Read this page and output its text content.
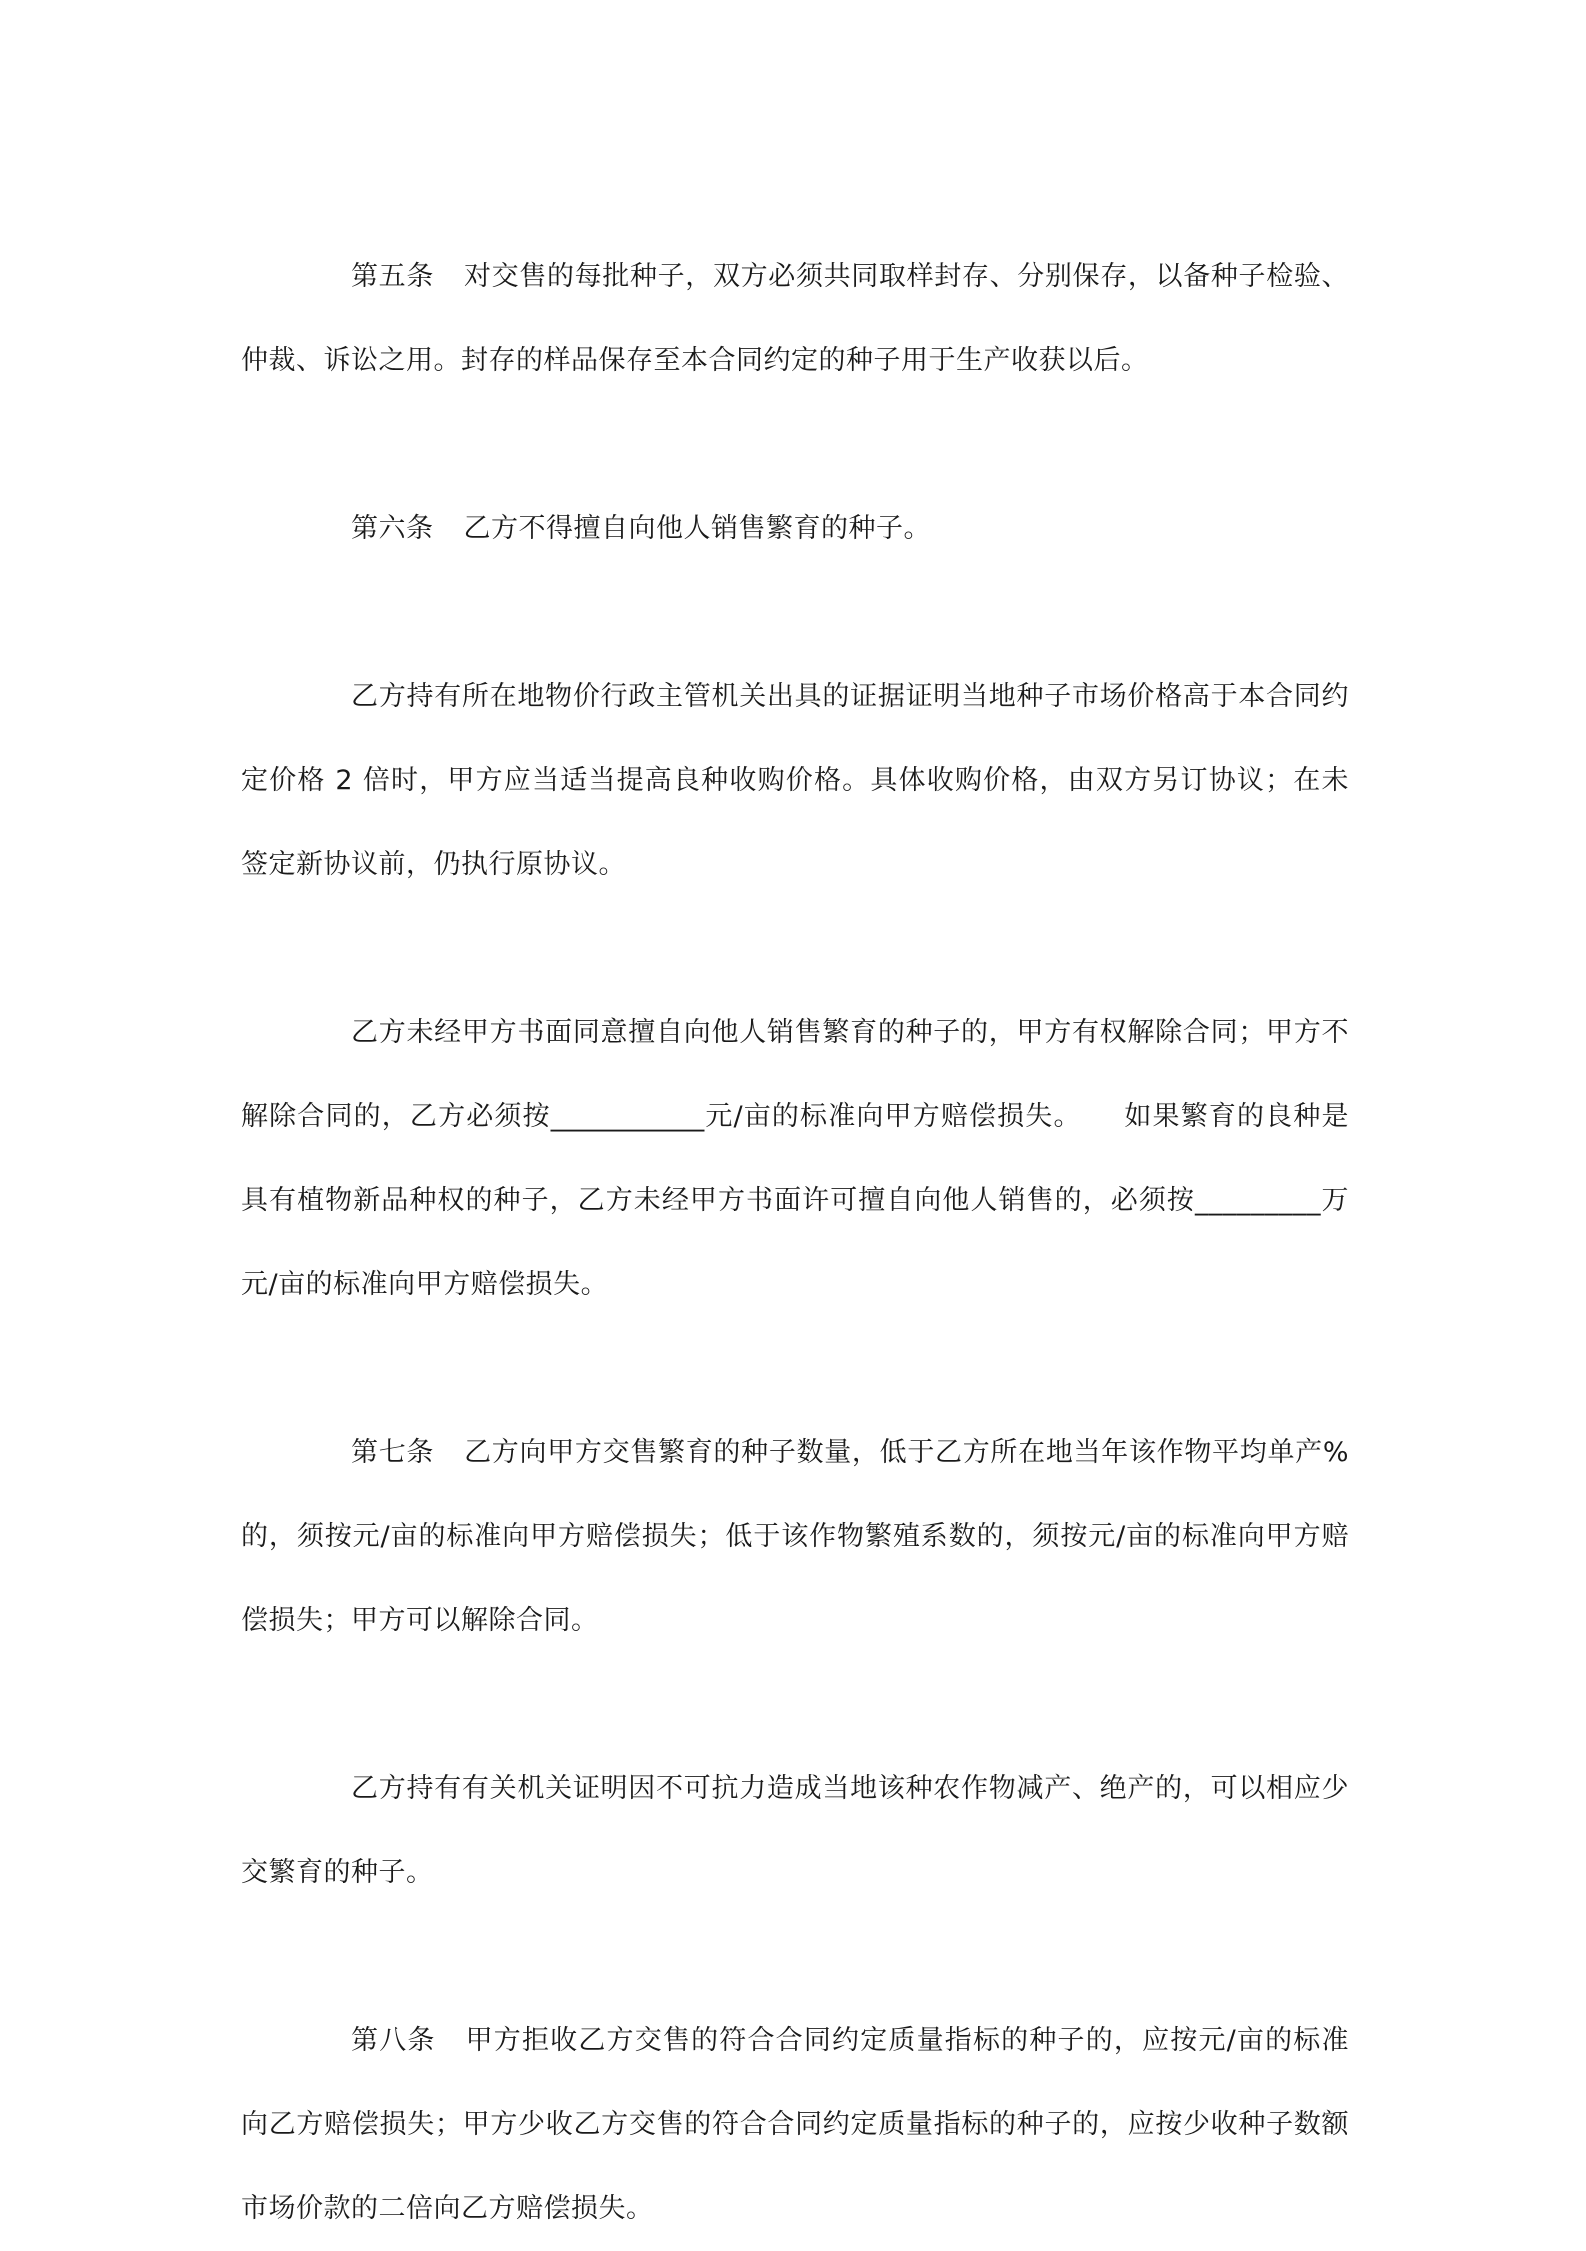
第五条 对交售的每批种子，双方必须共同取样封存、分别保存，以备种子检验、仲裁、诉讼之用。封存的样品保存至本合同约定的种子用于生产收获以后。

第六条 乙方不得擅自向他人销售繁育的种子。

乙方持有所在地物价行政主管机关出具的证据证明当地种子市场价格高于本合同约定价格 2 倍时，甲方应当适当提高良种收购价格。具体收购价格，由双方另订协议；在未签定新协议前，仍执行原协议。

乙方未经甲方书面同意擅自向他人销售繁育的种子的，甲方有权解除合同；甲方不解除合同的，乙方必须按___________元/亩的标准向甲方赔偿损失。　　如果繁育的良种是具有植物新品种权的种子，乙方未经甲方书面许可擅自向他人销售的，必须按_________万元/亩的标准向甲方赔偿损失。

第七条 乙方向甲方交售繁育的种子数量，低于乙方所在地当年该作物平均单产%的，须按元/亩的标准向甲方赔偿损失；低于该作物繁殖系数的，须按元/亩的标准向甲方赔偿损失；甲方可以解除合同。

乙方持有有关机关证明因不可抗力造成当地该种农作物减产、绝产的，可以相应少交繁育的种子。

第八条 甲方拒收乙方交售的符合合同约定质量指标的种子的，应按元/亩的标准向乙方赔偿损失；甲方少收乙方交售的符合合同约定质量指标的种子的，应按少收种子数额市场价款的二倍向乙方赔偿损失。
